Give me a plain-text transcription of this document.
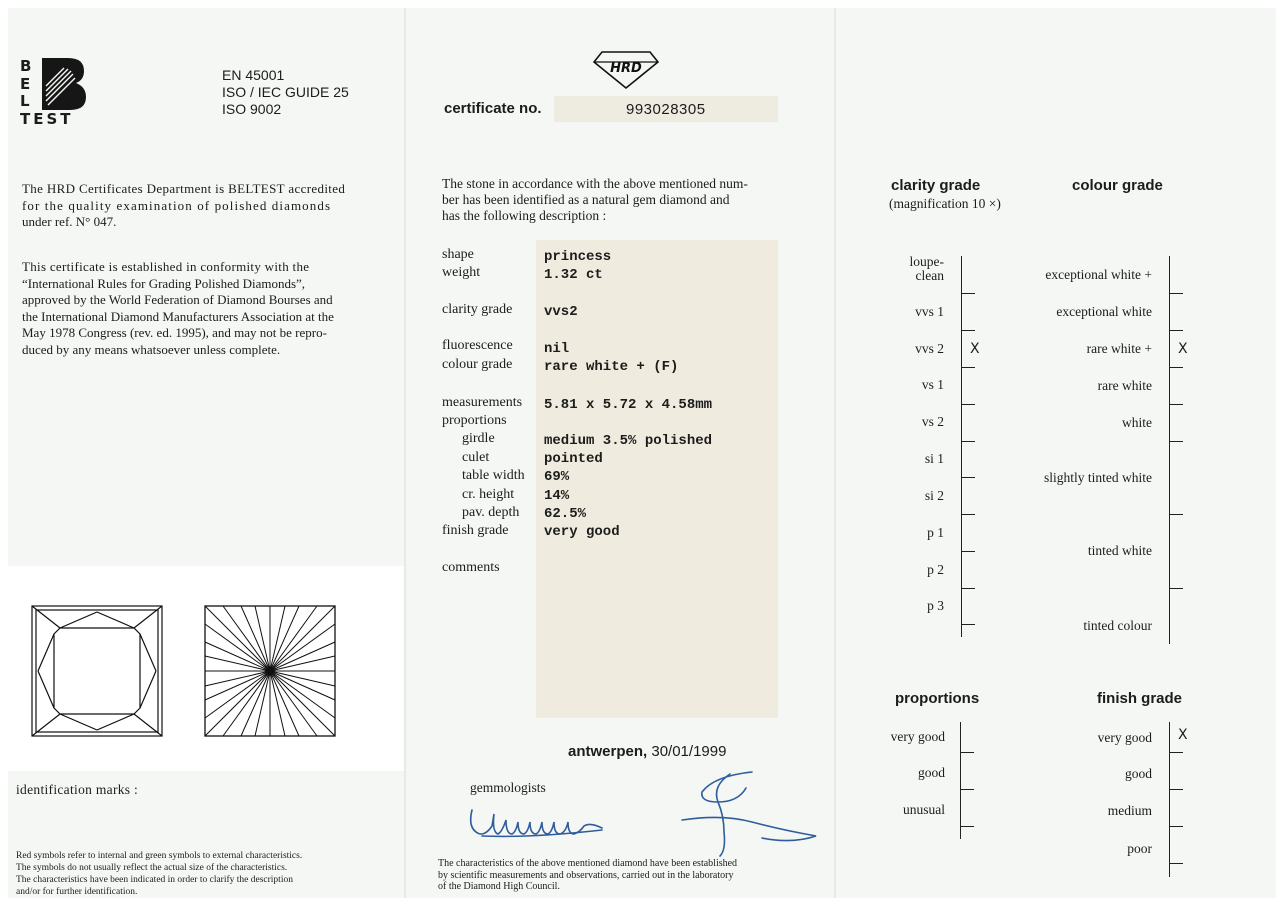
B
E
L
TEST
EN 45001
ISO / IEC GUIDE 25
ISO 9002
The HRD Certificates Department is BELTEST accredited
for the quality examination of polished diamonds
under ref. N° 047.
This certificate is established in conformity with the
“International Rules for Grading Polished Diamonds”,
approved by the World Federation of Diamond Bourses and
the International Diamond Manufacturers Association at the
May 1978 Congress (rev. ed. 1995), and may not be repro-
duced by any means whatsoever unless complete.
identification marks :
Red symbols refer to internal and green symbols to external characteristics.
The symbols do not usually reflect the actual size of the characteristics.
The characteristics have been indicated in order to clarify the description
and/or for further identification.
HRD
certificate no.	993028305
The stone in accordance with the above mentioned num-
ber has been identified as a natural gem diamond and
has the following description :
shape
weight
clarity grade
fluorescence
colour grade
measurements
proportions
girdle
culet
table width
cr. height
pav. depth
finish grade
comments
princess
1.32 ct
vvs2
nil
rare white + (F)
5.81 x 5.72 x 4.58mm
medium 3.5% polished
pointed
69%
14%
62.5%
very good
antwerpen, 30/01/1999
gemmologists
The characteristics of the above mentioned diamond have been established
by scientific measurements and observations, carried out in the laboratory
of the Diamond High Council.
clarity grade
(magnification 10 ×)
colour grade
loupe-
clean
vvs 1
vvs 2
vs 1
vs 2
si 1
si 2
p 1
p 2
p 3
X
exceptional white +
exceptional white
rare white +
rare white
white
slightly tinted white
tinted white
tinted colour
X
proportions	finish grade
very good
good
unusual
very good
good
medium
poor
X
